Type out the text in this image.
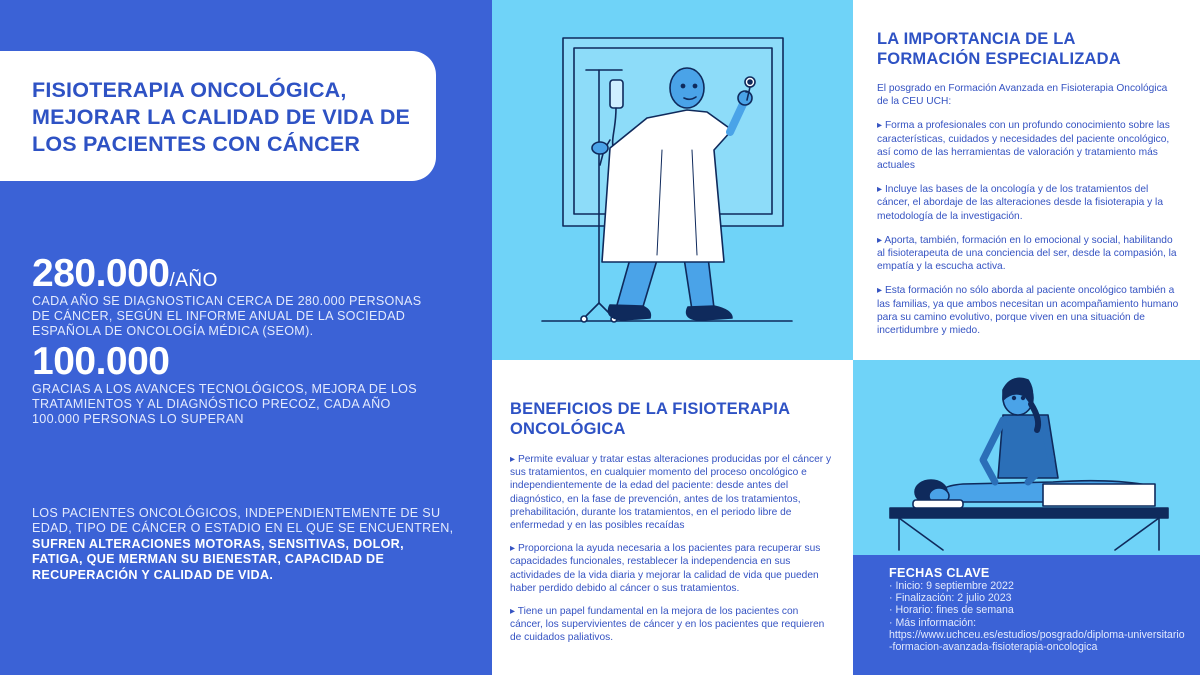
FISIOTERAPIA ONCOLÓGICA, MEJORAR LA CALIDAD DE VIDA DE LOS PACIENTES CON CÁNCER
280.000/AÑO

CADA AÑO SE DIAGNOSTICAN CERCA DE 280.000 PERSONAS DE CÁNCER, SEGÚN EL INFORME ANUAL DE LA SOCIEDAD ESPAÑOLA DE ONCOLOGÍA MÉDICA (SEOM).

100.000

GRACIAS A LOS AVANCES TECNOLÓGICOS, MEJORA DE LOS TRATAMIENTOS Y AL DIAGNÓSTICO PRECOZ, CADA AÑO 100.000 PERSONAS LO SUPERAN

LOS PACIENTES ONCOLÓGICOS, INDEPENDIENTEMENTE DE SU EDAD, TIPO DE CÁNCER O ESTADIO EN EL QUE SE ENCUENTREN,
SUFREN ALTERACIONES MOTORAS, SENSITIVAS, DOLOR, FATIGA, QUE MERMAN SU BIENESTAR, CAPACIDAD DE RECUPERACIÓN Y CALIDAD DE VIDA.

LA IMPORTANCIA DE LA FORMACIÓN ESPECIALIZADA

El posgrado en Formación Avanzada en Fisioterapia Oncológica de la CEU UCH:

▸ Forma a profesionales con un profundo conocimiento sobre las características, cuidados y necesidades del paciente oncológico, así como de las herramientas de valoración y tratamiento más actuales

▸ Incluye las bases de la oncología y de los tratamientos del cáncer, el abordaje de las alteraciones desde la fisioterapia y la metodología de la investigación.

▸ Aporta, también, formación en lo emocional y social, habilitando al fisioterapeuta de una conciencia del ser, desde la compasión, la empatía y la escucha activa.

▸ Esta formación no sólo aborda al paciente oncológico también a las familias, ya que ambos necesitan un acompañamiento humano para su camino evolutivo, porque viven en una situación de incertidumbre y miedo.

BENEFICIOS DE LA FISIOTERAPIA ONCOLÓGICA

▸ Permite evaluar y tratar estas alteraciones producidas por el cáncer y sus tratamientos, en cualquier momento del proceso oncológico e independientemente de la edad del paciente: desde antes del diagnóstico, en la fase de prevención, antes de los tratamientos, prehabilitación, durante los tratamientos, en el periodo libre de enfermedad y en las posibles recaídas

▸ Proporciona la ayuda necesaria a los pacientes para recuperar sus capacidades funcionales, restablecer la independencia en sus actividades de la vida diaria y mejorar la calidad de vida que pueden haber perdido debido al cáncer o sus tratamientos.

▸ Tiene un papel fundamental en la mejora de los pacientes con cáncer, los supervivientes de cáncer y en los pacientes que requieren de cuidados paliativos.

FECHAS CLAVE
· Inicio: 9 septiembre 2022
· Finalización: 2 julio 2023
· Horario: fines de semana
· Más información:
https://www.uchceu.es/estudios/posgrado/diploma-universitario-formacion-avanzada-fisioterapia-oncologica
